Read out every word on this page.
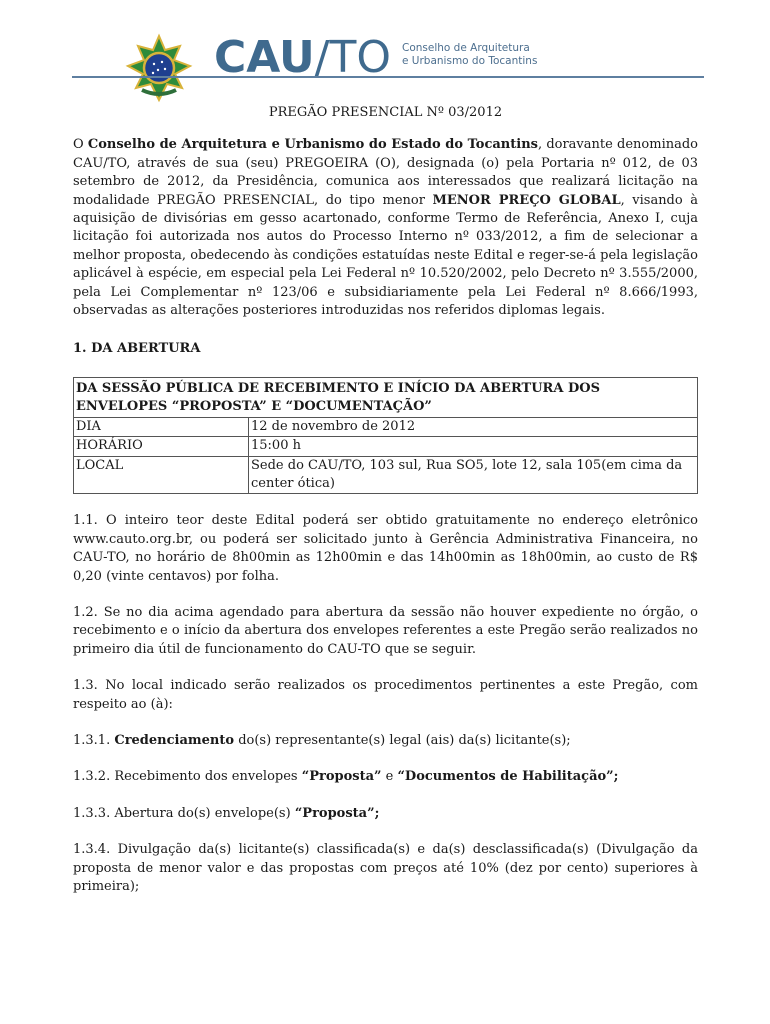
CAU/TO Conselho de Arquitetura
e Urbanismo do Tocantins
PREGÃO PRESENCIAL Nº 03/2012

O Conselho de Arquitetura e Urbanismo do Estado do Tocantins, doravante denominado CAU/TO, através de sua (seu) PREGOEIRA (O), designada (o) pela Portaria nº 012, de 03 setembro de 2012, da Presidência, comunica aos interessados que realizará licitação na modalidade PREGÃO PRESENCIAL, do tipo menor MENOR PREÇO GLOBAL, visando à aquisição de divisórias em gesso acartonado, conforme Termo de Referência, Anexo I, cuja licitação foi autorizada nos autos do Processo Interno nº 033/2012, a fim de selecionar a melhor proposta, obedecendo às condições estatuídas neste Edital e reger-se-á pela legislação aplicável à espécie, em especial pela Lei Federal nº 10.520/2002, pelo Decreto nº 3.555/2000, pela Lei Complementar nº 123/06 e subsidiariamente pela Lei Federal nº 8.666/1993, observadas as alterações posteriores introduzidas nos referidos diplomas legais.

1. DA ABERTURA
DA SESSÃO PÚBLICA DE RECEBIMENTO E INÍCIO DA ABERTURA DOS ENVELOPES “PROPOSTA” E “DOCUMENTAÇÃO”	
DIA	12 de novembro de 2012
HORÁRIO	15:00 h
LOCAL	Sede do CAU/TO, 103 sul, Rua SO5, lote 12, sala 105(em cima da center ótica)

1.1. O inteiro teor deste Edital poderá ser obtido gratuitamente no endereço eletrônico www.cauto.org.br, ou poderá ser solicitado junto à Gerência Administrativa Financeira, no CAU-TO, no horário de 8h00min as 12h00min e das 14h00min as 18h00min, ao custo de R$ 0,20 (vinte centavos) por folha.

1.2. Se no dia acima agendado para abertura da sessão não houver expediente no órgão, o recebimento e o início da abertura dos envelopes referentes a este Pregão serão realizados no primeiro dia útil de funcionamento do CAU-TO que se seguir.

1.3. No local indicado serão realizados os procedimentos pertinentes a este Pregão, com respeito ao (à):

1.3.1. Credenciamento do(s) representante(s) legal (ais) da(s) licitante(s);

1.3.2. Recebimento dos envelopes “Proposta” e “Documentos de Habilitação”;

1.3.3. Abertura do(s) envelope(s) “Proposta”;

1.3.4. Divulgação da(s) licitante(s) classificada(s) e da(s) desclassificada(s) (Divulgação da proposta de menor valor e das propostas com preços até 10% (dez por cento) superiores à primeira);
